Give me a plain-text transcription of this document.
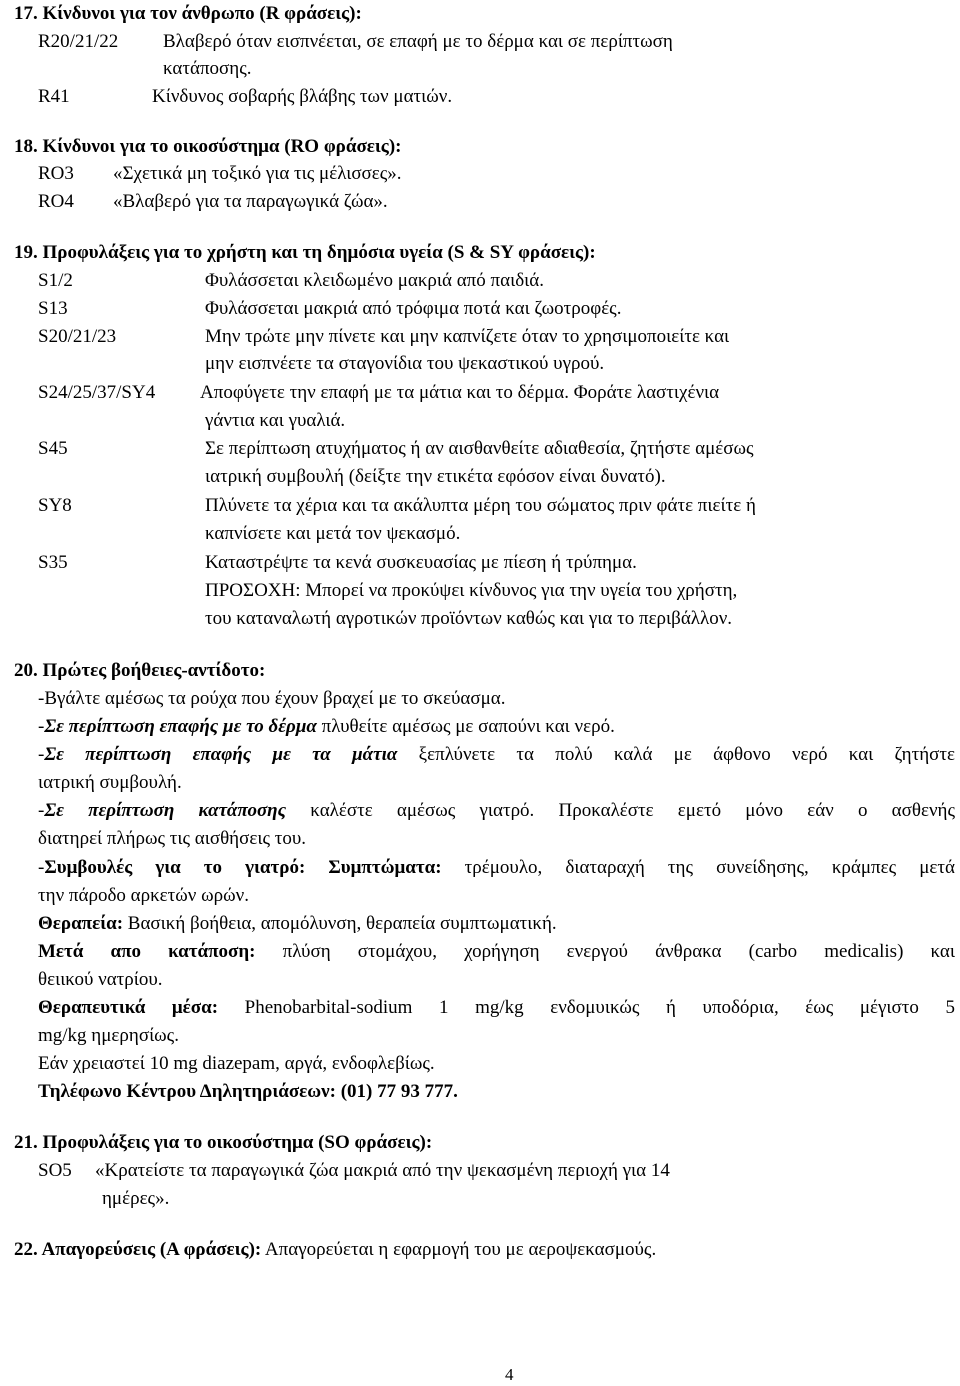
17. Κίνδυνοι για τον άνθρωπο (R φράσεις):
R20/21/22 Βλαβερό όταν εισπνέεται, σε επαφή με το δέρμα και σε περίπτωση
κατάποσης.
R41	Κίνδυνος σοβαρής βλάβης των ματιών.
18. Κίνδυνοι για το οικοσύστημα (RO φράσεις):
RO3 «Σχετικά μη τοξικό για τις μέλισσες».
RO4 «Βλαβερό για τα παραγωγικά ζώα».
19. Προφυλάξεις για το χρήστη και τη δημόσια υγεία (S & SY φράσεις):
S1/2	Φυλάσσεται κλειδωμένο μακριά από παιδιά.
S13	Φυλάσσεται μακριά από τρόφιμα ποτά και ζωοτροφές.
S20/21/23	Μην τρώτε μην πίνετε και μην καπνίζετε όταν το χρησιμοποιείτε και
μην εισπνέετε τα σταγονίδια του ψεκαστικού υγρού.
S24/25/37/SY4 Αποφύγετε την επαφή με τα μάτια και το δέρμα. Φοράτε λαστιχένια
γάντια και γυαλιά.
S45	Σε περίπτωση ατυχήματος ή αν αισθανθείτε αδιαθεσία, ζητήστε αμέσως
ιατρική συμβουλή (δείξτε την ετικέτα εφόσον είναι δυνατό).
SY8	Πλύνετε τα χέρια και τα ακάλυπτα μέρη του σώματος πριν φάτε πιείτε ή
καπνίσετε και μετά τον ψεκασμό.
S35	Καταστρέψτε τα κενά συσκευασίας με πίεση ή τρύπημα.
ΠΡΟΣΟΧΗ: Μπορεί να προκύψει κίνδυνος για την υγεία του χρήστη,
του καταναλωτή αγροτικών προϊόντων καθώς και για το περιβάλλον.
20. Πρώτες βοήθειες-αντίδοτο:
-Βγάλτε αμέσως τα ρούχα που έχουν βραχεί με το σκεύασμα.
-Σε περίπτωση επαφής με το δέρμα πλυθείτε αμέσως με σαπούνι και νερό.
-Σε περίπτωση επαφής με τα μάτια ξεπλύνετε τα πολύ καλά με άφθονο νερό και ζητήστε
ιατρική συμβουλή.
-Σε περίπτωση κατάποσης καλέστε αμέσως γιατρό. Προκαλέστε εμετό μόνο εάν ο ασθενής
διατηρεί πλήρως τις αισθήσεις του.
-Συμβουλές για το γιατρό: Συμπτώματα: τρέμουλο, διαταραχή της συνείδησης, κράμπες μετά
την πάροδο αρκετών ωρών.
Θεραπεία: Βασική βοήθεια, απομόλυνση, θεραπεία συμπτωματική.
Μετά απο κατάποση: πλύση στομάχου, χορήγηση ενεργού άνθρακα (carbo medicalis) και
θειικού νατρίου.
Θεραπευτικά μέσα: Phenobarbital-sodium 1 mg/kg ενδομυικώς ή υποδόρια, έως μέγιστο 5
mg/kg ημερησίως.
Εάν χρειαστεί 10 mg diazepam, αργά, ενδοφλεβίως.
Τηλέφωνο Κέντρου Δηλητηριάσεων: (01) 77 93 777.
21. Προφυλάξεις για το οικοσύστημα (SO φράσεις):
SO5 «Κρατείστε τα παραγωγικά ζώα μακριά από την ψεκασμένη περιοχή για 14
ημέρες».
22. Απαγορεύσεις (Α φράσεις): Απαγορεύεται η εφαρμογή του με αεροψεκασμούς.
4
